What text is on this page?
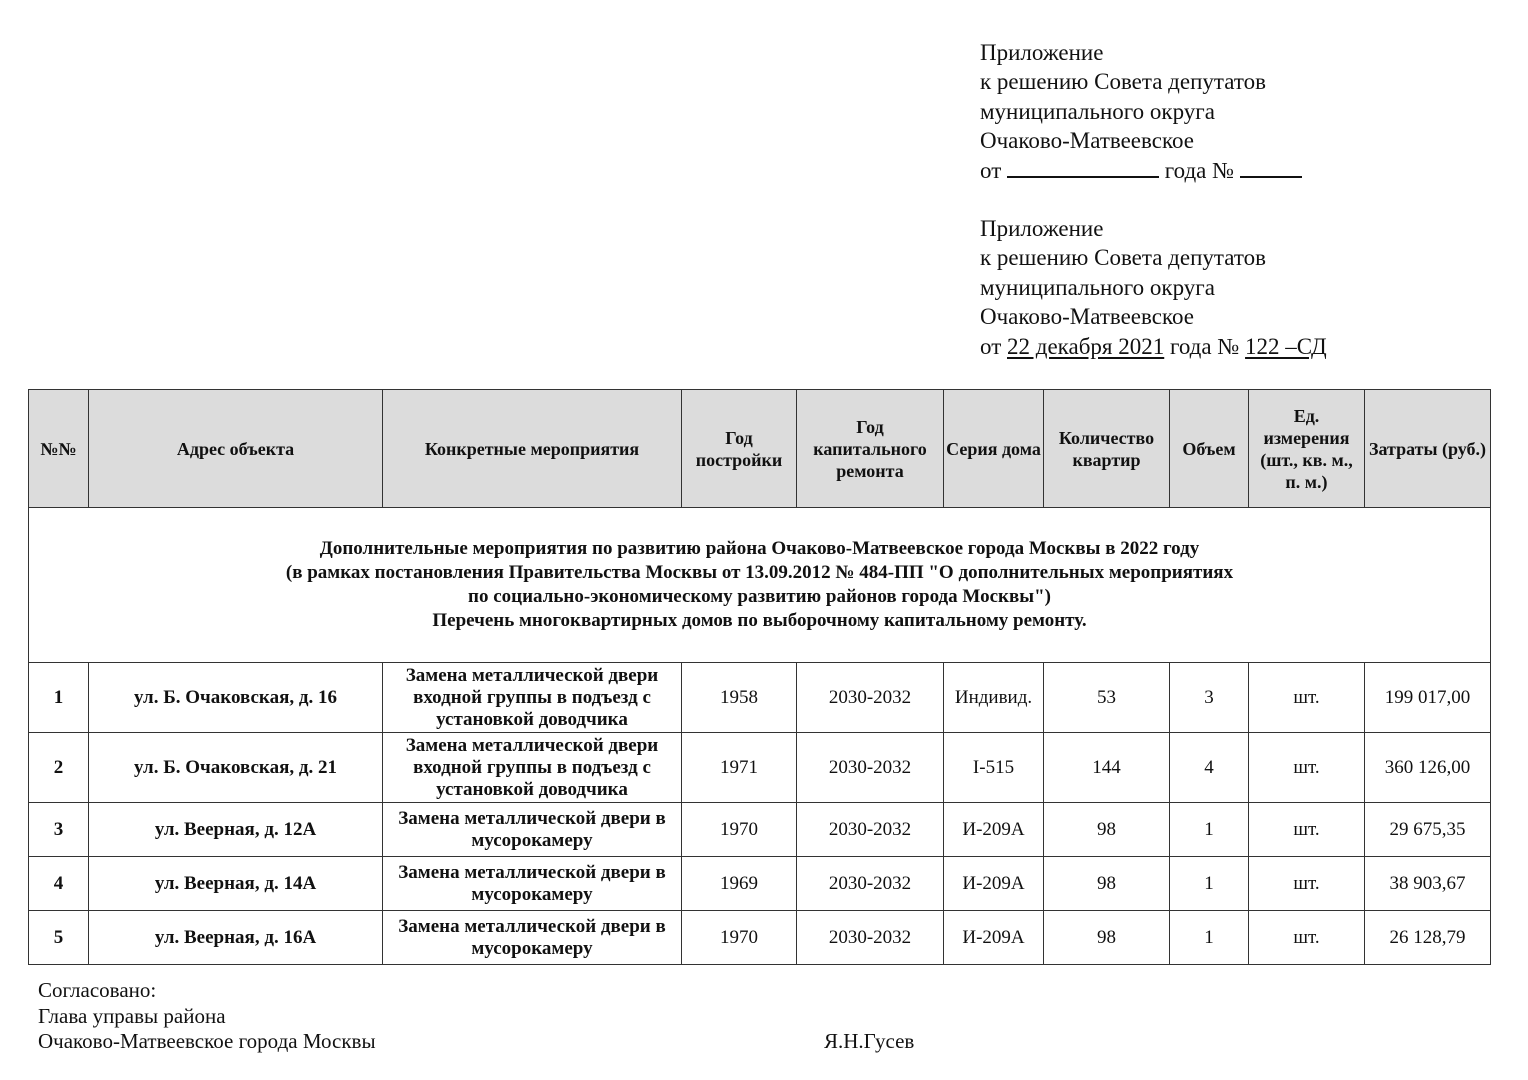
Приложение
к решению Совета депутатов
муниципального округа
Очаково-Матвеевское
от	года №
Приложение
к решению Совета депутатов
муниципального округа
Очаково-Матвеевское
от 22 декабря 2021 года № 122 –СД
Дополнительные мероприятия по развитию района Очаково-Матвеевское города Москвы в 2022 году
(в рамках постановления Правительства Москвы от 13.09.2012 № 484-ПП "О дополнительных мероприятиях
по социально-экономическому развитию районов города Москвы")
Перечень многоквартирных домов по выборочному капитальному ремонту.									

№№	Адрес объекта	Конкретные мероприятия	Год постройки	Год капитального ремонта	Серия дома	Количество квартир	Объем	Ед. измерения (шт., кв. м., п. м.)	Затраты (руб.)
1	ул. Б. Очаковская, д. 16	Замена металлической двери входной группы в подъезд с установкой доводчика	1958	2030-2032	Индивид.	53	3	шт.	199 017,00
2	ул. Б. Очаковская, д. 21	Замена металлической двери входной группы в подъезд с установкой доводчика	1971	2030-2032	I-515	144	4	шт.	360 126,00
3	ул. Веерная, д. 12А	Замена металлической двери в мусорокамеру	1970	2030-2032	И-209А	98	1	шт.	29 675,35
4	ул. Веерная, д. 14А	Замена металлической двери в мусорокамеру	1969	2030-2032	И-209А	98	1	шт.	38 903,67
5	ул. Веерная, д. 16А	Замена металлической двери в мусорокамеру	1970	2030-2032	И-209А	98	1	шт.	26 128,79
Согласовано:
Глава управы района
Очаково-Матвеевское города Москвы	Я.Н.Гусев
